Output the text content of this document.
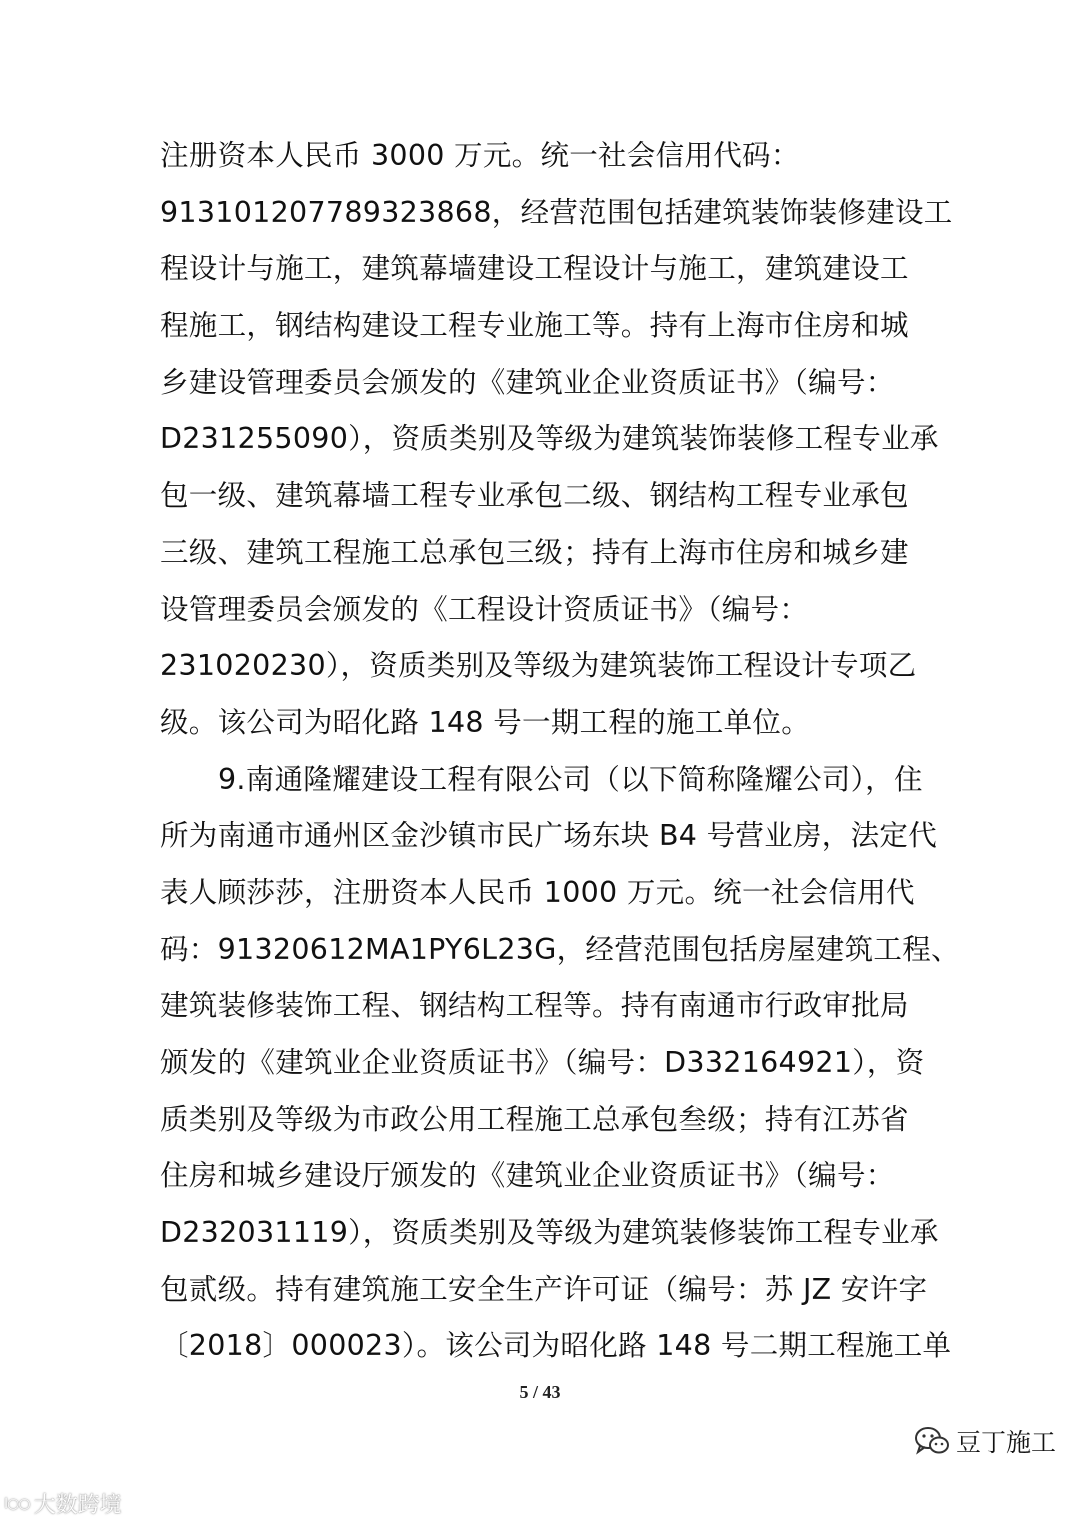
注册资本人民币 3000 万元。统一社会信用代码：
91310120778932386‌8，经营范围包括建筑装饰装修建设工
程设计与施工，建筑幕墙建设工程设计与施工，建筑建设工
程施工，钢结构建设工程专业施工等。持有上海市住房和城
乡建设管理委员会颁发的《建筑业企业资质证书》（编号：
D231255090），资质类别及等级为建筑装饰装修工程专业承
包一级、建筑幕墙工程专业承包二级、钢结构工程专业承包
三级、建筑工程施工总承包三级；持有上海市住房和城乡建
设管理委员会颁发的《工程设计资质证书》（编号：
231020230），资质类别及等级为建筑装饰工程设计专项乙
级。该公司为昭化路 148 号一期工程的施工单位。
9.南通隆耀建设工程有限公司（以下简称隆耀公司），住
所为南通市通州区金沙镇市民广场东块 B4 号营业房，法定代
表人顾莎莎，注册资本人民币 1000 万元。统一社会信用代
码：91320612MA1PY6L23G，经营范围包括房屋建筑工程、
建筑装修装饰工程、钢结构工程等。持有南通市行政审批局
颁发的《建筑业企业资质证书》（编号：D332164921），资
质类别及等级为市政公用工程施工总承包叁级；持有江苏省
住房和城乡建设厅颁发的《建筑业企业资质证书》（编号：
D232031119），资质类别及等级为建筑装修装饰工程专业承
包贰级。持有建筑施工安全生产许可证（编号：苏 JZ 安许字
〔2018〕000023）。该公司为昭化路 148 号二期工程施工单
5 / 43
豆丁施工
I○○ 大数跨境
